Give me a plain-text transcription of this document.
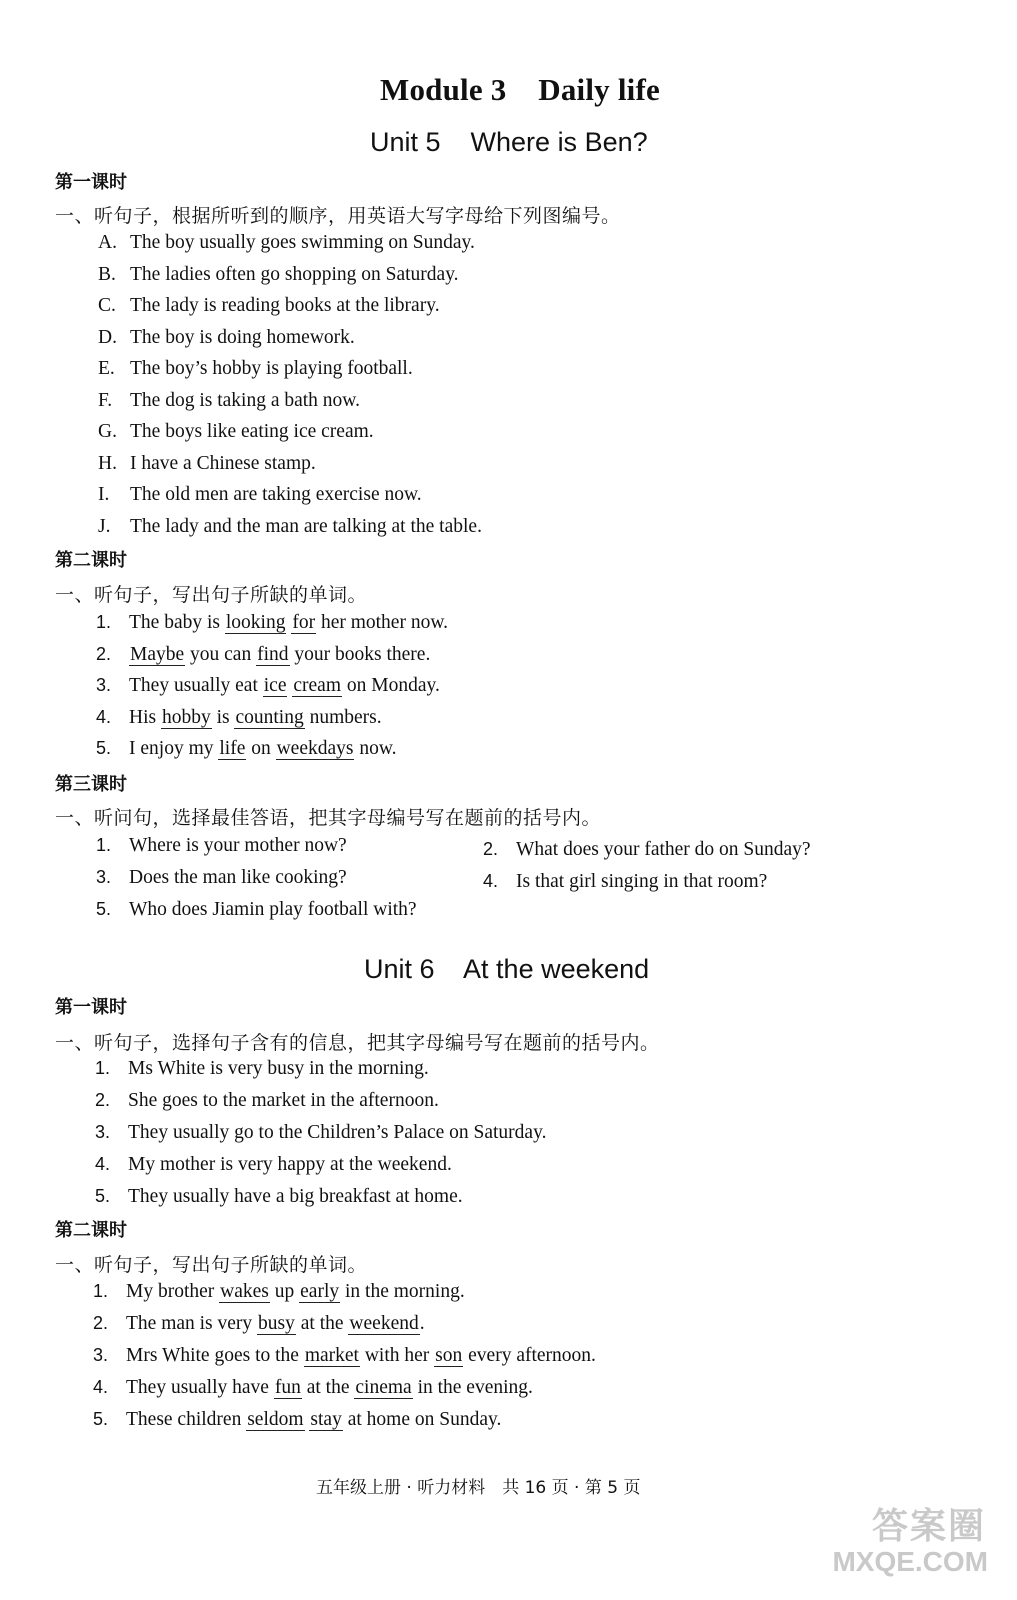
Module 3    Daily life
Unit 5    Where is Ben?
第一课时
一、听句子，根据所听到的顺序，用英语大写字母给下列图编号。
A. The boy usually goes swimming on Sunday.
B. The ladies often go shopping on Saturday.
C. The lady is reading books at the library.
D. The boy is doing homework.
E. The boy’s hobby is playing football.
F. The dog is taking a bath now.
G. The boys like eating ice cream.
H. I have a Chinese stamp.
I. The old men are taking exercise now.
J. The lady and the man are talking at the table.
第二课时
一、听句子，写出句子所缺的单词。
1. The baby is looking for her mother now.
2. Maybe you can find your books there.
3. They usually eat ice cream on Monday.
4. His hobby is counting numbers.
5. I enjoy my life on weekdays now.
第三课时
一、听问句，选择最佳答语，把其字母编号写在题前的括号内。
1. Where is your mother now?	2. What does your father do on Sunday?
3. Does the man like cooking?	4. Is that girl singing in that room?
5. Who does Jiamin play football with?
Unit 6    At the weekend
第一课时
一、听句子，选择句子含有的信息，把其字母编号写在题前的括号内。
1. Ms White is very busy in the morning.
2. She goes to the market in the afternoon.
3. They usually go to the Children’s Palace on Saturday.
4. My mother is very happy at the weekend.
5. They usually have a big breakfast at home.
第二课时
一、听句子，写出句子所缺的单词。
1. My brother wakes up early in the morning.
2. The man is very busy at the weekend.
3. Mrs White goes to the market with her son every afternoon.
4. They usually have fun at the cinema in the evening.
5. These children seldom stay at home on Sunday.
五年级上册 · 听力材料　共 16 页 · 第 5 页
答案圈
MXQE.COM
